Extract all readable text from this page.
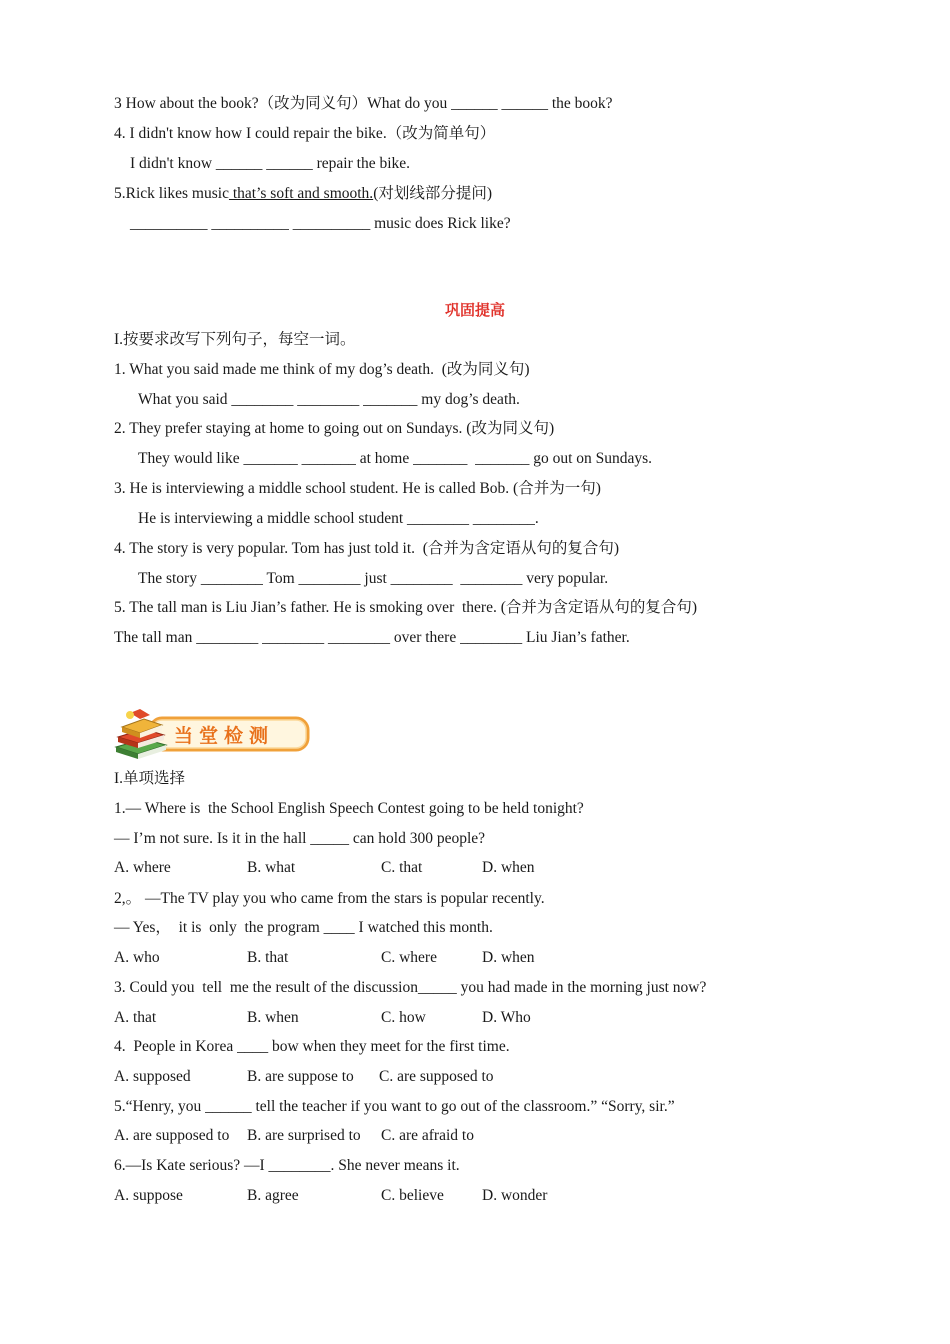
3 How about the book?（改为同义句）What do you ______ ______ the book?
4. I didn't know how I could repair the bike.（改为简单句）
I didn't know ______ ______ repair the bike.
5.Rick likes music that’s soft and smooth.(对划线部分提问)
__________ __________ __________ music does Rick like?
巩固提高
I.按要求改写下列句子，每空一词。
1. What you said made me think of my dog’s death.  (改为同义句)
What you said ________ ________ _______ my dog’s death.
2. They prefer staying at home to going out on Sundays. (改为同义句)
They would like _______ _______ at home _______  _______ go out on Sundays.
3. He is interviewing a middle school student. He is called Bob. (合并为一句)
He is interviewing a middle school student ________ ________.
4. The story is very popular. Tom has just told it.  (合并为含定语从句的复合句)
The story ________ Tom ________ just ________  ________ very popular.
5. The tall man is Liu Jian’s father. He is smoking over  there. (合并为含定语从句的复合句)
The tall man ________ ________ ________ over there ________ Liu Jian’s father.
当堂检测
I.单项选择
1.— Where is  the School English Speech Contest going to be held tonight?
— I’m not sure. Is it in the hall _____ can hold 300 people?
A. where	B. what	C. that	D. when
2,。 —The TV play you who came from the stars is popular recently.
— Yes，  it is  only  the program ____ I watched this month.
A. who	B. that	C. where	D. when
3. Could you  tell  me the result of the discussion_____ you had made in the morning just now?
A. that	B. when	C. how	D. Who
4.  People in Korea ____ bow when they meet for the first time.
A. supposed	B. are suppose to C. are supposed to
5.“Henry, you ______ tell the teacher if you want to go out of the classroom.” “Sorry, sir.”
A. are supposed to B. are surprised to C. are afraid to
6.—Is Kate serious? —I ________. She never means it.
A. suppose	B. agree	C. believe D. wonder
